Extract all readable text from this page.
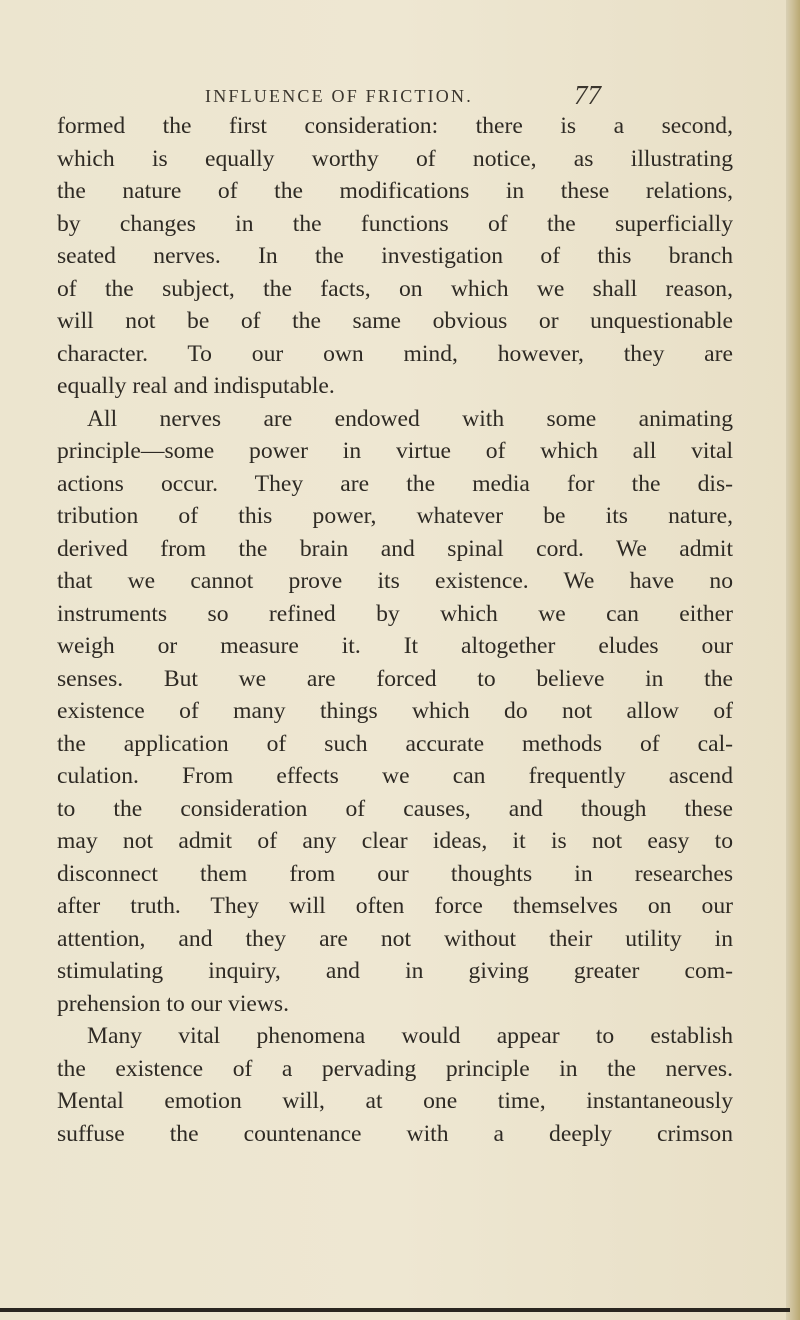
INFLUENCE OF FRICTION.	77
formed the first consideration: there is a second,
which is equally worthy of notice, as illustrating
the nature of the modifications in these relations,
by changes in the functions of the superficially
seated nerves. In the investigation of this branch
of the subject, the facts, on which we shall reason,
will not be of the same obvious or unquestionable
character. To our own mind, however, they are
equally real and indisputable.
All nerves are endowed with some animating
principle—some power in virtue of which all vital
actions occur. They are the media for the dis-
tribution of this power, whatever be its nature,
derived from the brain and spinal cord. We admit
that we cannot prove its existence. We have no
instruments so refined by which we can either
weigh or measure it. It altogether eludes our
senses. But we are forced to believe in the
existence of many things which do not allow of
the application of such accurate methods of cal-
culation. From effects we can frequently ascend
to the consideration of causes, and though these
may not admit of any clear ideas, it is not easy to
disconnect them from our thoughts in researches
after truth. They will often force themselves on our
attention, and they are not without their utility in
stimulating inquiry, and in giving greater com-
prehension to our views.
Many vital phenomena would appear to establish
the existence of a pervading principle in the nerves.
Mental emotion will, at one time, instantaneously
suffuse the countenance with a deeply crimson
